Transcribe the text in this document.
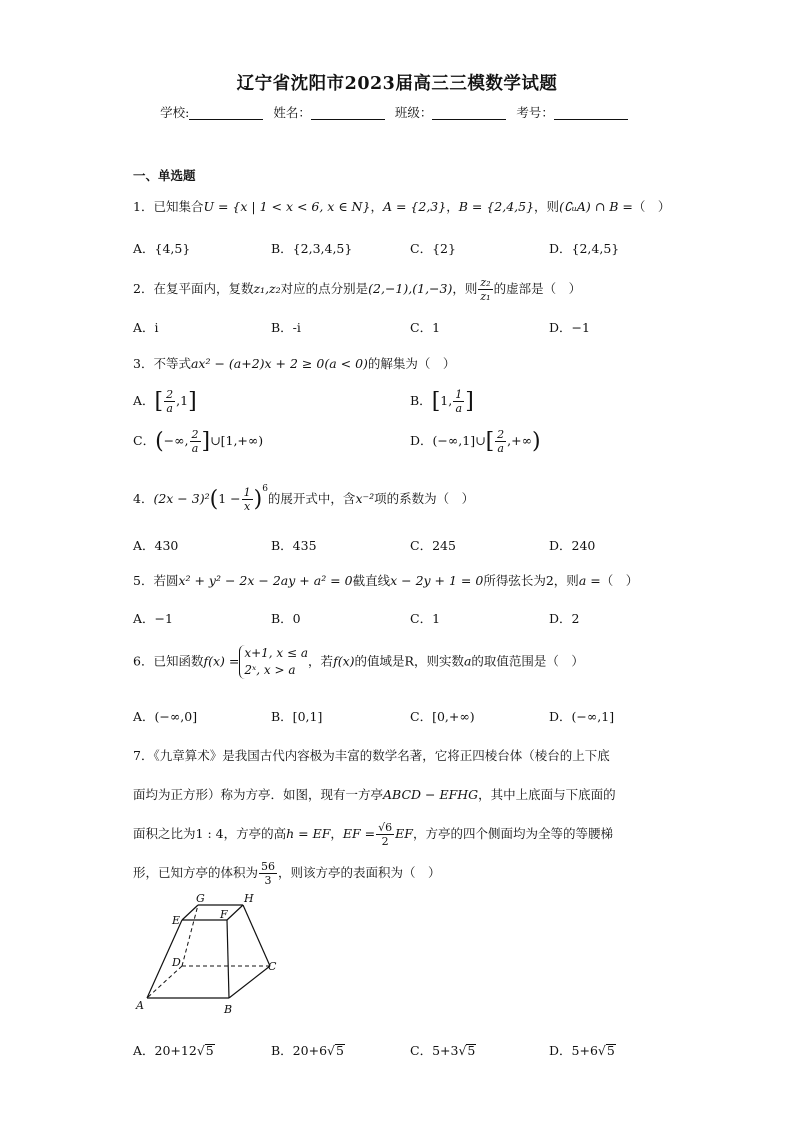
辽宁省沈阳市2023届高三三模数学试题
学校:	姓名：	班级：	考号：
一、单选题
1．已知集合U = {x | 1 < x < 6, x ∈ N}，A = {2,3}，B = {2,4,5}，则(∁ᵤA) ∩ B =（　）
A．{4,5}	B．{2,3,4,5}	C．{2}	D．{2,4,5}
2．在复平面内，复数z₁,z₂对应的点分别是(2,−1),(1,−3)，则 $\frac{\text{z₂}}{\text{z₁}}$ 的虚部是（　）
A．i	B．-i	C．1	D．−1
3．不等式ax² − (a+2)x + 2 ≥ 0(a < 0)的解集为（　）
A．[ $\frac{2}{a} ,1$]	B．[1, $\frac{1}{a}$ ]
C．(−∞, $\frac{2}{a}$ ]∪[1,+∞)	D．(−∞,1]∪[ $\frac{2}{a}$ ,+∞)
4．$(2x - 3)^2(1 - \frac{1}{x} )^6$的展开式中，含x⁻²项的系数为（　）
A．430	B．435	C．245	D．240
5．若圆x² + y² − 2x − 2ay + a² = 0截直线x − 2y + 1 = 0所得弦长为2，则a =（　）
A．−1	B．0	C．1	D．2
6．已知函数f(x) =
x+1, x ≤ a
2ˣ, x > a
，若f(x)的值域是R，则实数a的取值范围是（　）
A．(−∞,0]	B．[0,1]	C．[0,+∞)	D．(−∞,1]
7．《九章算术》是我国古代内容极为丰富的数学名著，它将正四棱台体（棱台的上下底
面均为正方形）称为方亭．如图，现有一方亭ABCD − EFHG，其中上底面与下底面的
面积之比为1 : 4，方亭的高h = EF，EF = $\frac{√6}{2}$ EF，方亭的四个侧面均为全等的等腰梯
形，已知方亭的体积为 $\frac{56}{3}$ ，则该方亭的表面积为（　）
G	H
E	F
D	C
A	B
A．20+12√5	B．20+6√5	C．5+3√5	D．5+6√5
